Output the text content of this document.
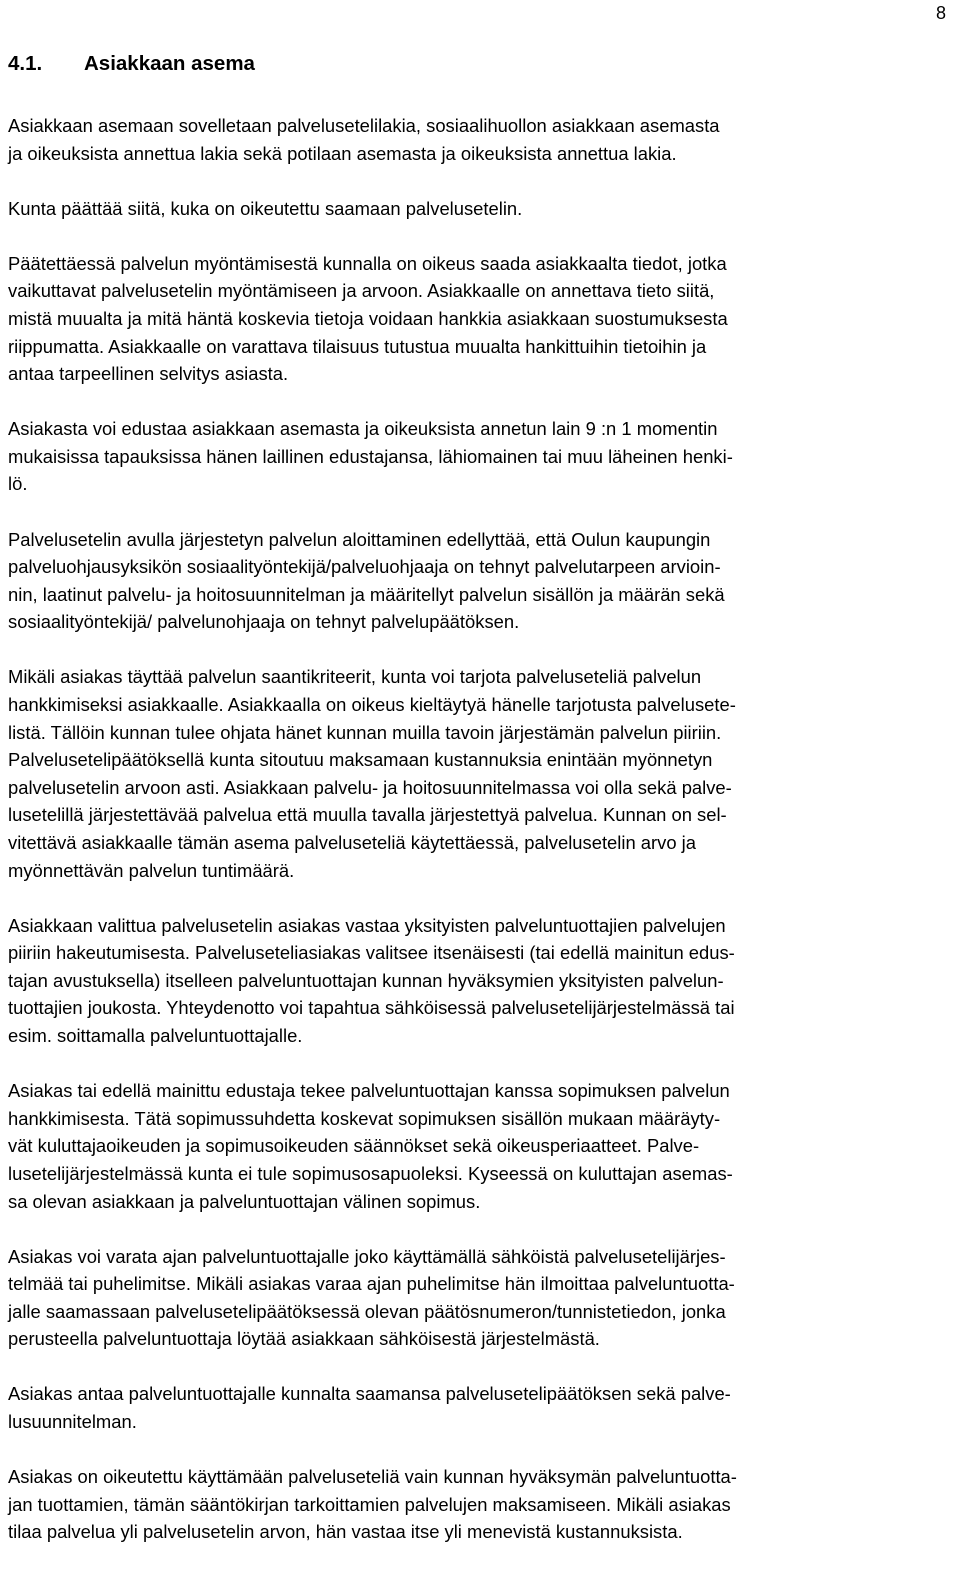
8
4.1. Asiakkaan asema

Asiakkaan asemaan sovelletaan palvelusetelilakia, sosiaalihuollon asiakkaan asemasta
ja oikeuksista annettua lakia sekä potilaan asemasta ja oikeuksista annettua lakia.

Kunta päättää siitä, kuka on oikeutettu saamaan palvelusetelin.

Päätettäessä palvelun myöntämisestä kunnalla on oikeus saada asiakkaalta tiedot, jotka
vaikuttavat palvelusetelin myöntämiseen ja arvoon. Asiakkaalle on annettava tieto siitä,
mistä muualta ja mitä häntä koskevia tietoja voidaan hankkia asiakkaan suostumuksesta
riippumatta. Asiakkaalle on varattava tilaisuus tutustua muualta hankittuihin tietoihin ja
antaa tarpeellinen selvitys asiasta.

Asiakasta voi edustaa asiakkaan asemasta ja oikeuksista annetun lain 9 :n 1 momentin
mukaisissa tapauksissa hänen laillinen edustajansa, lähiomainen tai muu läheinen henki-
lö.

Palvelusetelin avulla järjestetyn palvelun aloittaminen edellyttää, että Oulun kaupungin
palveluohjausyksikön sosiaalityöntekijä/palveluohjaaja on tehnyt palvelutarpeen arvioin-
nin, laatinut palvelu- ja hoitosuunnitelman ja määritellyt palvelun sisällön ja määrän sekä
sosiaalityöntekijä/ palvelunohjaaja on tehnyt palvelupäätöksen.

Mikäli asiakas täyttää palvelun saantikriteerit, kunta voi tarjota palveluseteliä palvelun
hankkimiseksi asiakkaalle. Asiakkaalla on oikeus kieltäytyä hänelle tarjotusta palvelusete-
listä. Tällöin kunnan tulee ohjata hänet kunnan muilla tavoin järjestämän palvelun piiriin.
Palvelusetelipäätöksellä kunta sitoutuu maksamaan kustannuksia enintään myönnetyn
palvelusetelin arvoon asti. Asiakkaan palvelu- ja hoitosuunnitelmassa voi olla sekä palve-
lusetelillä järjestettävää palvelua että muulla tavalla järjestettyä palvelua. Kunnan on sel-
vitettävä asiakkaalle tämän asema palveluseteliä käytettäessä, palvelusetelin arvo ja
myönnettävän palvelun tuntimäärä.

Asiakkaan valittua palvelusetelin asiakas vastaa yksityisten palveluntuottajien palvelujen
piiriin hakeutumisesta. Palveluseteliasiakas valitsee itsenäisesti (tai edellä mainitun edus-
tajan avustuksella) itselleen palveluntuottajan kunnan hyväksymien yksityisten palvelun-
tuottajien joukosta. Yhteydenotto voi tapahtua sähköisessä palvelusetelijärjestelmässä tai
esim. soittamalla palveluntuottajalle.

Asiakas tai edellä mainittu edustaja tekee palveluntuottajan kanssa sopimuksen palvelun
hankkimisesta. Tätä sopimussuhdetta koskevat sopimuksen sisällön mukaan määräyty-
vät kuluttajaoikeuden ja sopimusoikeuden säännökset sekä oikeusperiaatteet. Palve-
lusetelijärjestelmässä kunta ei tule sopimusosapuoleksi. Kyseessä on kuluttajan asemas-
sa olevan asiakkaan ja palveluntuottajan välinen sopimus.

Asiakas voi varata ajan palveluntuottajalle joko käyttämällä sähköistä palvelusetelijärjes-
telmää tai puhelimitse. Mikäli asiakas varaa ajan puhelimitse hän ilmoittaa palveluntuotta-
jalle saamassaan palvelusetelipäätöksessä olevan päätösnumeron/tunnistetiedon, jonka
perusteella palveluntuottaja löytää asiakkaan sähköisestä järjestelmästä.

Asiakas antaa palveluntuottajalle kunnalta saamansa palvelusetelipäätöksen sekä palve-
lusuunnitelman.

Asiakas on oikeutettu käyttämään palveluseteliä vain kunnan hyväksymän palveluntuotta-
jan tuottamien, tämän sääntökirjan tarkoittamien palvelujen maksamiseen. Mikäli asiakas
tilaa palvelua yli palvelusetelin arvon, hän vastaa itse yli menevistä kustannuksista.
